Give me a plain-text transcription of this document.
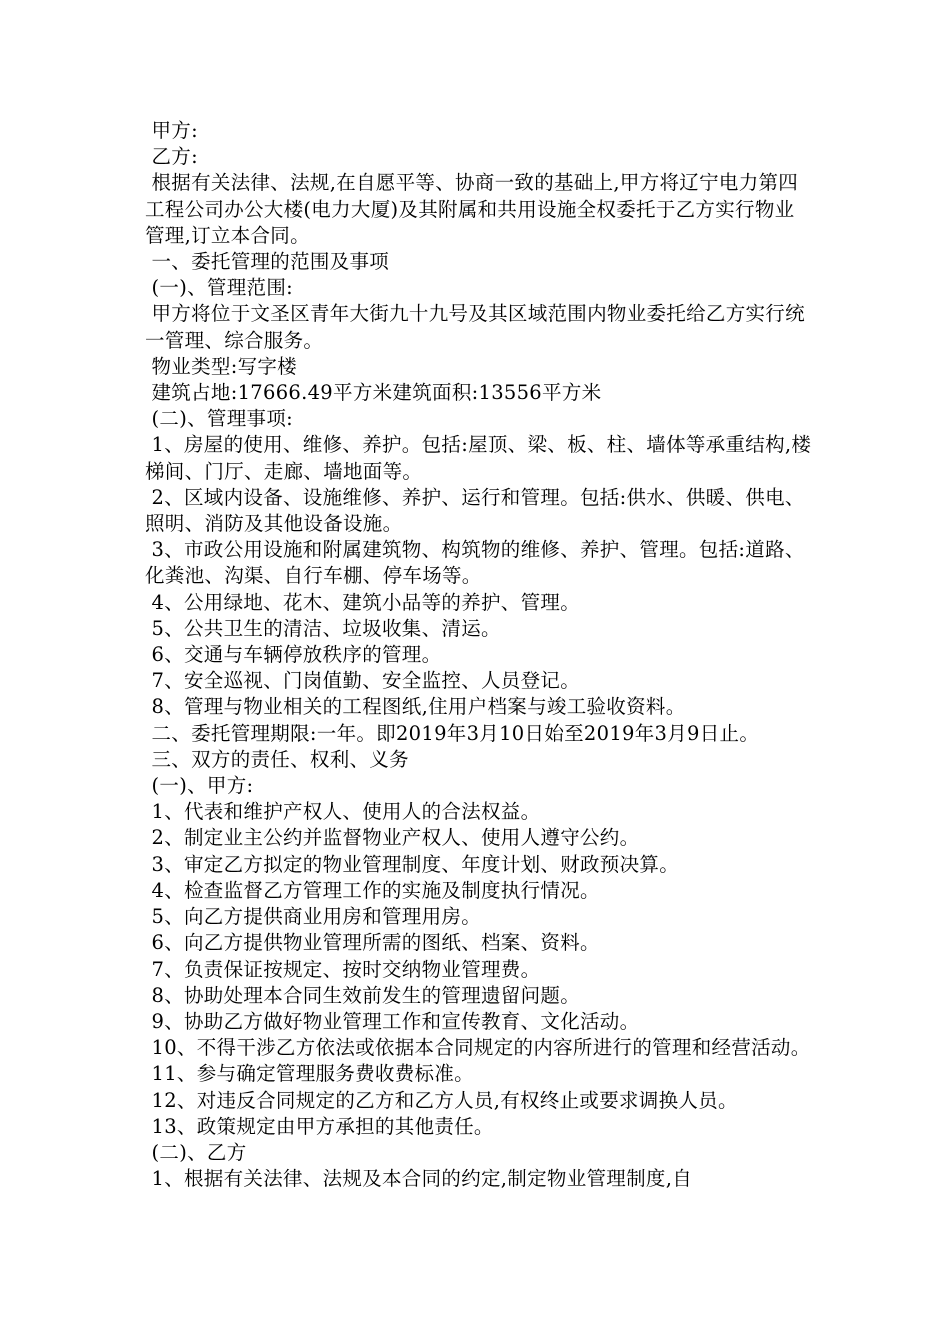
甲方:

乙方:

根据有关法律、法规,在自愿平等、协商一致的基础上,甲方将辽宁电力第四工程公司办公大楼(电力大厦)及其附属和共用设施全权委托于乙方实行物业管理,订立本合同。

一、委托管理的范围及事项

(一)、管理范围:

甲方将位于文圣区青年大街九十九号及其区域范围内物业委托给乙方实行统一管理、综合服务。

物业类型:写字楼

建筑占地:17666.49平方米建筑面积:13556平方米

(二)、管理事项:

1、房屋的使用、维修、养护。包括:屋顶、梁、板、柱、墙体等承重结构,楼梯间、门厅、走廊、墙地面等。

2、区域内设备、设施维修、养护、运行和管理。包括:供水、供暖、供电、照明、消防及其他设备设施。

3、市政公用设施和附属建筑物、构筑物的维修、养护、管理。包括:道路、化粪池、沟渠、自行车棚、停车场等。

4、公用绿地、花木、建筑小品等的养护、管理。

5、公共卫生的清洁、垃圾收集、清运。

6、交通与车辆停放秩序的管理。

7、安全巡视、门岗值勤、安全监控、人员登记。

8、管理与物业相关的工程图纸,住用户档案与竣工验收资料。

二、委托管理期限:一年。即2019年3月10日始至2019年3月9日止。

三、双方的责任、权利、义务

(一)、甲方:

1、代表和维护产权人、使用人的合法权益。

2、制定业主公约并监督物业产权人、使用人遵守公约。

3、审定乙方拟定的物业管理制度、年度计划、财政预决算。

4、检查监督乙方管理工作的实施及制度执行情况。

5、向乙方提供商业用房和管理用房。

6、向乙方提供物业管理所需的图纸、档案、资料。

7、负责保证按规定、按时交纳物业管理费。

8、协助处理本合同生效前发生的管理遗留问题。

9、协助乙方做好物业管理工作和宣传教育、文化活动。

10、不得干涉乙方依法或依据本合同规定的内容所进行的管理和经营活动。

11、参与确定管理服务费收费标准。

12、对违反合同规定的乙方和乙方人员,有权终止或要求调换人员。

13、政策规定由甲方承担的其他责任。

(二)、乙方

1、根据有关法律、法规及本合同的约定,制定物业管理制度,自
